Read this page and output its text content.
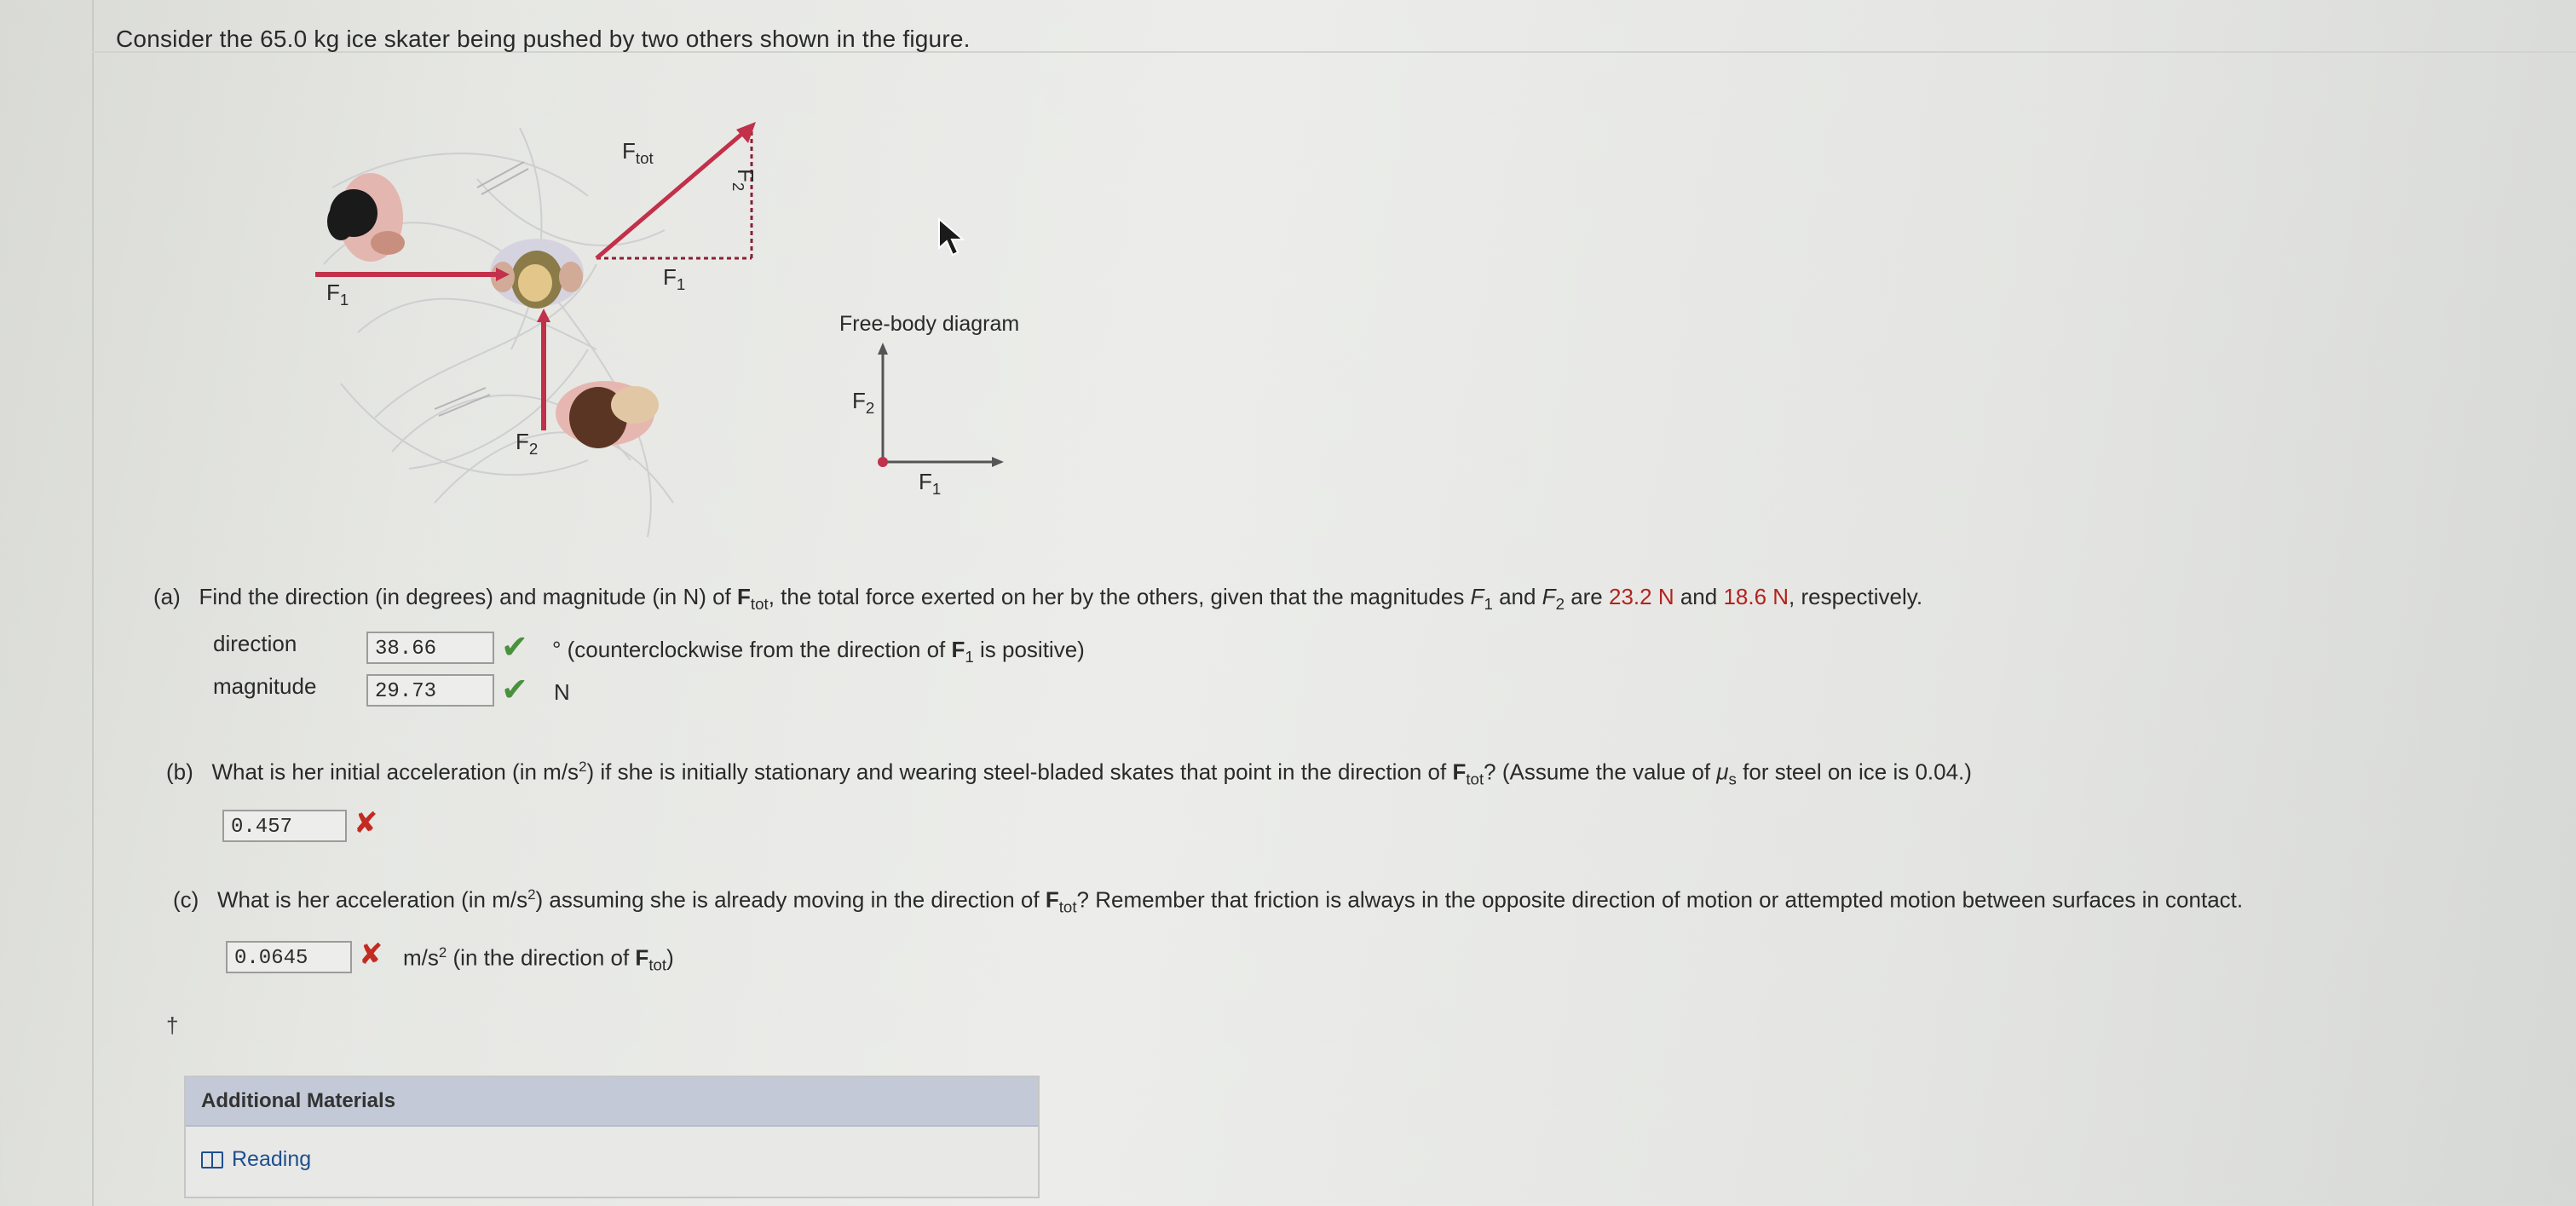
Consider the 65.0 kg ice skater being pushed by two others shown in the figure.
$F_{tot}$
$F_2$
$F_1$
$F_1$
$F_2$
Free-body diagram
$F_2$
$F_1$
(a) Find the direction (in degrees) and magnitude (in N) of $F_{tot}$, the total force exerted on her by the others, given that the magnitudes $F_1$ and $F_2$ are 23.2 N and 18.6 N, respectively.
direction	38.66	✔ ° (counterclockwise from the direction of $F_1$ is positive)
magnitude	29.73	✔ N
(b) What is her initial acceleration (in $m/s^2$) if she is initially stationary and wearing steel-bladed skates that point in the direction of $F_{tot}$? (Assume the value of $\mu_s$ for steel on ice is 0.04.)
0.457	✘
(c) What is her acceleration (in $m/s^2$) assuming she is already moving in the direction of $F_{tot}$? Remember that friction is always in the opposite direction of motion or attempted motion between surfaces in contact.
0.0645	✘ $m/s^2$ (in the direction of $F_{tot}$)
†
Additional Materials
Reading
